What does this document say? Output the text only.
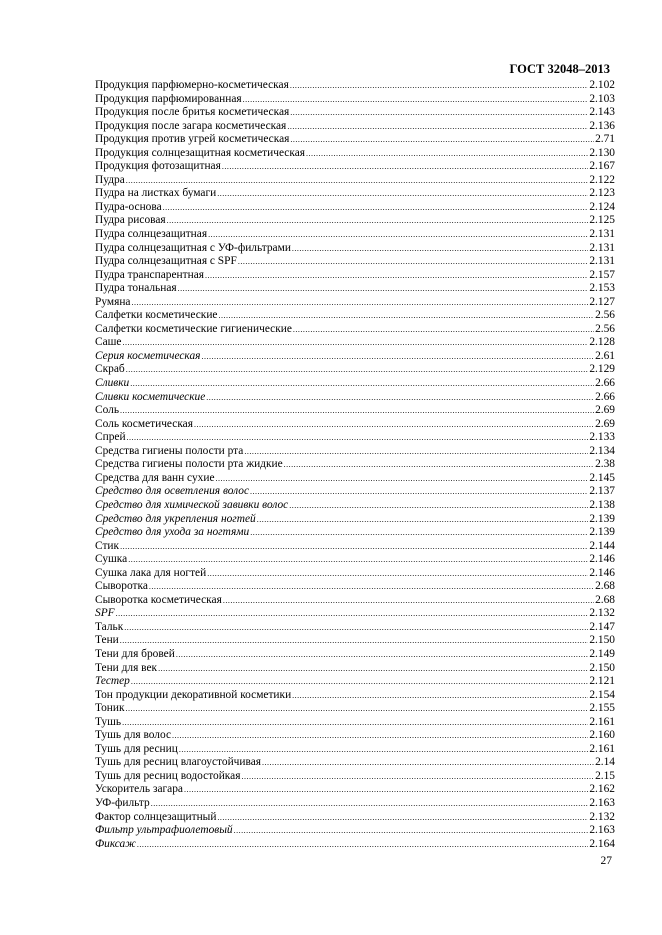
ГОСТ 32048–2013
Продукция парфюмерно-косметическая .....	2.102
Продукция парфюмированная .....	2.103
Продукция после бритья косметическая .....	2.143
Продукция после загара косметическая .....	2.136
Продукция против угрей косметическая .....	2.71
Продукция солнцезащитная косметическая .....	2.130
Продукция фотозащитная .....	2.167
Пудра .....	2.122
Пудра на листках бумаги .....	2.123
Пудра-основа .....	2.124
Пудра рисовая .....	2.125
Пудра солнцезащитная .....	2.131
Пудра солнцезащитная с УФ-фильтрами .....	2.131
Пудра солнцезащитная с SPF .....	2.131
Пудра транспарентная .....	2.157
Пудра тональная .....	2.153
Румяна .....	2.127
Салфетки косметические .....	2.56
Салфетки косметические гигиенические .....	2.56
Саше .....	2.128
Серия косметическая .....	2.61
Скраб .....	2.129
Сливки .....	2.66
Сливки косметические .....	2.66
Соль .....	2.69
Соль косметическая .....	2.69
Спрей .....	2.133
Средства гигиены полости рта .....	2.134
Средства гигиены полости рта жидкие .....	2.38
Средства для ванн сухие .....	2.145
Средство для осветления волос .....	2.137
Средство для химической завивки волос .....	2.138
Средство для укрепления ногтей .....	2.139
Средство для ухода за ногтями .....	2.139
Стик .....	2.144
Сушка .....	2.146
Сушка лака для ногтей .....	2.146
Сыворотка .....	2.68
Сыворотка косметическая .....	2.68
SPF .....	2.132
Тальк .....	2.147
Тени .....	2.150
Тени для бровей .....	2.149
Тени для век .....	2.150
Тестер .....	2.121
Тон продукции декоративной косметики .....	2.154
Тоник .....	2.155
Тушь .....	2.161
Тушь для волос .....	2.160
Тушь для ресниц .....	2.161
Тушь для ресниц влагоустойчивая .....	2.14
Тушь для ресниц водостойкая .....	2.15
Ускоритель загара .....	2.162
УФ-фильтр .....	2.163
Фактор солнцезащитный .....	2.132
Фильтр ультрафиолетовый .....	2.163
Фиксаж .....	2.164
27
